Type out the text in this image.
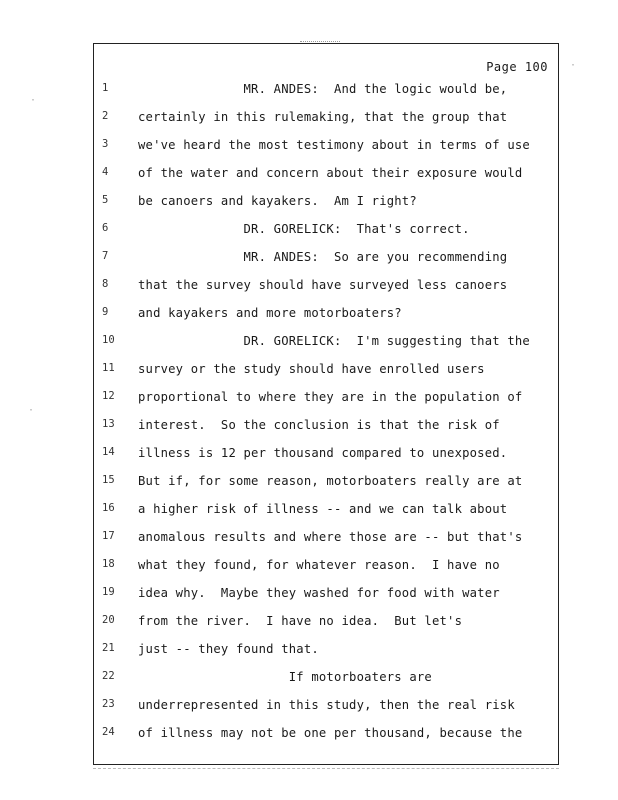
Page 100
1	MR. ANDES:  And the logic would be,
2	certainly in this rulemaking, that the group that
3	we've heard the most testimony about in terms of use
4	of the water and concern about their exposure would
5	be canoers and kayakers.  Am I right?
6	DR. GORELICK:  That's correct.
7	MR. ANDES:  So are you recommending
8	that the survey should have surveyed less canoers
9	and kayakers and more motorboaters?
10	DR. GORELICK:  I'm suggesting that the
11	survey or the study should have enrolled users
12	proportional to where they are in the population of
13	interest.  So the conclusion is that the risk of
14	illness is 12 per thousand compared to unexposed.
15	But if, for some reason, motorboaters really are at
16	a higher risk of illness -- and we can talk about
17	anomalous results and where those are -- but that's
18	what they found, for whatever reason.  I have no
19	idea why.  Maybe they washed for food with water
20	from the river.  I have no idea.  But let's
21	just -- they found that.
22	If motorboaters are
23	underrepresented in this study, then the real risk
24	of illness may not be one per thousand, because the
·
·
·
